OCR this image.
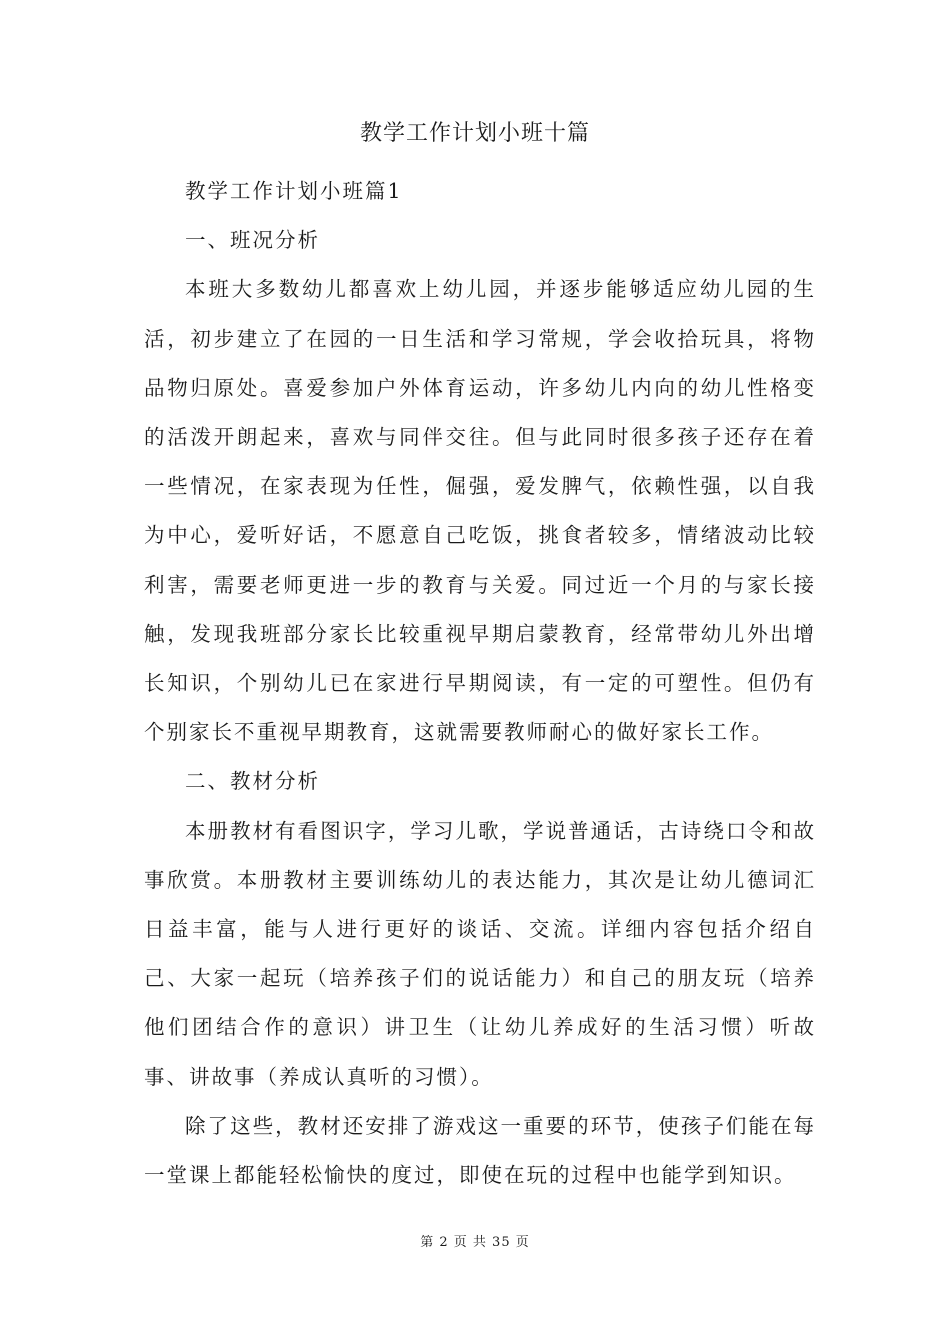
教学工作计划小班十篇

教学工作计划小班篇1

一、班况分析

本班大多数幼儿都喜欢上幼儿园，并逐步能够适应幼儿园的生活，初步建立了在园的一日生活和学习常规，学会收拾玩具，将物品物归原处。喜爱参加户外体育运动，许多幼儿内向的幼儿性格变的活泼开朗起来，喜欢与同伴交往。但与此同时很多孩子还存在着一些情况，在家表现为任性，倔强，爱发脾气，依赖性强，以自我为中心，爱听好话，不愿意自己吃饭，挑食者较多，情绪波动比较利害，需要老师更进一步的教育与关爱。同过近一个月的与家长接触，发现我班部分家长比较重视早期启蒙教育，经常带幼儿外出增长知识，个别幼儿已在家进行早期阅读，有一定的可塑性。但仍有个别家长不重视早期教育，这就需要教师耐心的做好家长工作。

二、教材分析

本册教材有看图识字，学习儿歌，学说普通话，古诗绕口令和故事欣赏。本册教材主要训练幼儿的表达能力，其次是让幼儿德词汇日益丰富，能与人进行更好的谈话、交流。详细内容包括介绍自己、大家一起玩（培养孩子们的说话能力）和自己的朋友玩（培养他们团结合作的意识）讲卫生（让幼儿养成好的生活习惯）听故事、讲故事（养成认真听的习惯）。

除了这些，教材还安排了游戏这一重要的环节，使孩子们能在每一堂课上都能轻松愉快的度过，即使在玩的过程中也能学到知识。

第 2 页 共 35 页
